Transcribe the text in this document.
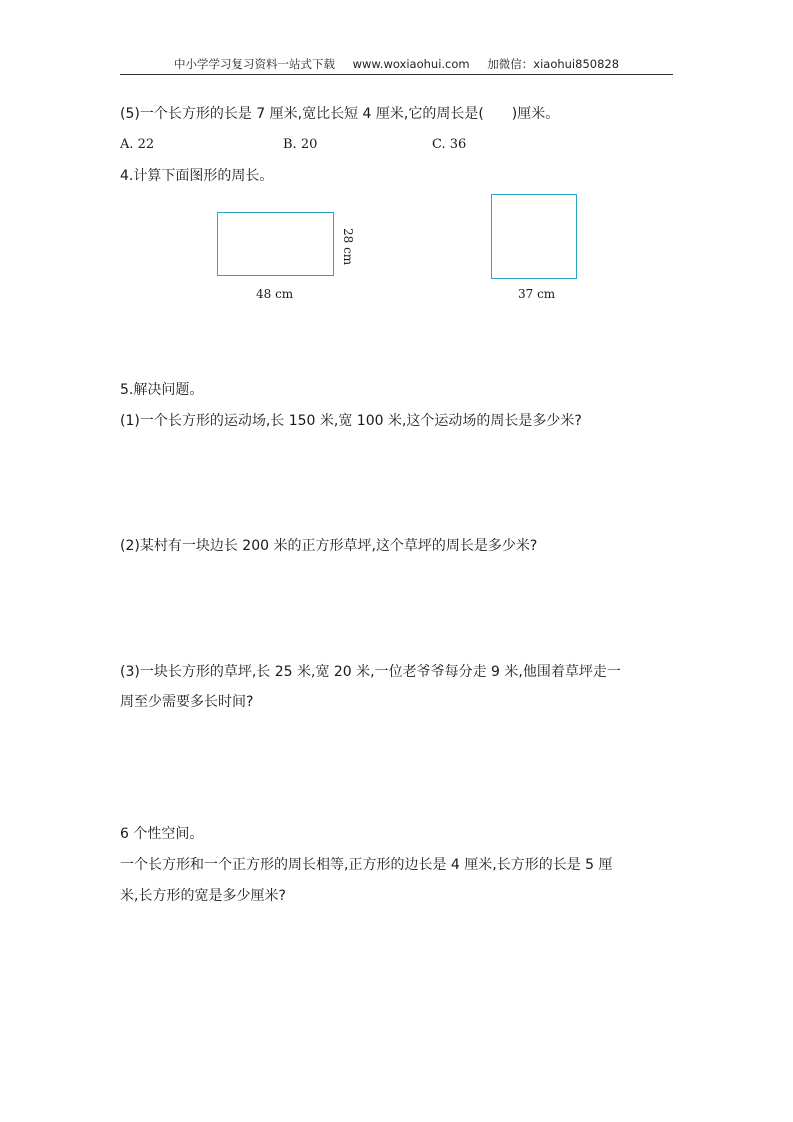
中小学学习复习资料一站式下载 www.woxiaohui.com 加微信：xiaohui850828
(5)一个长方形的长是 7 厘米,宽比长短 4 厘米,它的周长是(　　)厘米。
A. 22	B. 20	C. 36
4.计算下面图形的周长。
28 cm
48 cm	37 cm
5.解决问题。
(1)一个长方形的运动场,长 150 米,宽 100 米,这个运动场的周长是多少米?
(2)某村有一块边长 200 米的正方形草坪,这个草坪的周长是多少米?
(3)一块长方形的草坪,长 25 米,宽 20 米,一位老爷爷每分走 9 米,他围着草坪走一
周至少需要多长时间?
6 个性空间。
一个长方形和一个正方形的周长相等,正方形的边长是 4 厘米,长方形的长是 5 厘
米,长方形的宽是多少厘米?
